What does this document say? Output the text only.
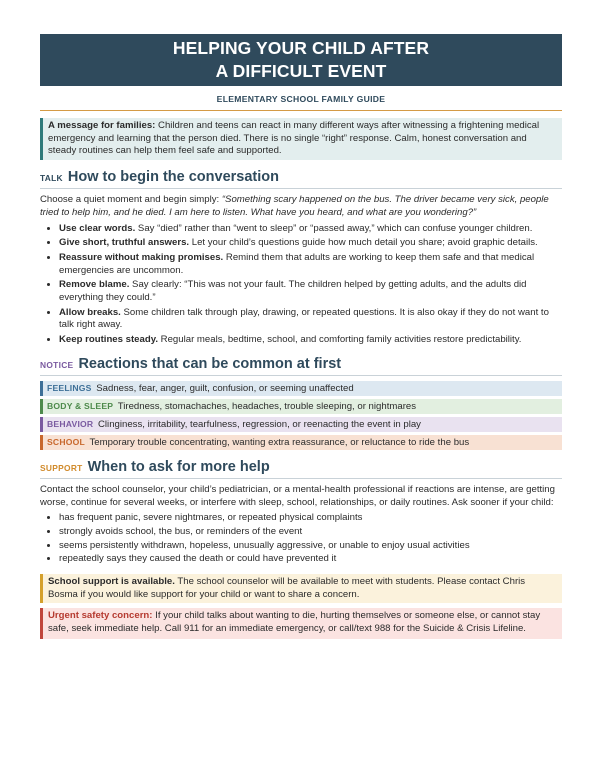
HELPING YOUR CHILD AFTER
A DIFFICULT EVENT
ELEMENTARY SCHOOL FAMILY GUIDE
A message for families: Children and teens can react in many different ways after witnessing a frightening medical emergency and learning that the person died. There is no single “right” response. Calm, honest conversation and steady routines can help them feel safe and supported.
TALK How to begin the conversation
Choose a quiet moment and begin simply: “Something scary happened on the bus. The driver became very sick, people tried to help him, and he died. I am here to listen. What have you heard, and what are you wondering?”
• Use clear words. Say “died” rather than “went to sleep” or “passed away,” which can confuse younger children.
• Give short, truthful answers. Let your child’s questions guide how much detail you share; avoid graphic details.
• Reassure without making promises. Remind them that adults are working to keep them safe and that medical emergencies are uncommon.
• Remove blame. Say clearly: “This was not your fault. The children helped by getting adults, and the adults did everything they could.”
• Allow breaks. Some children talk through play, drawing, or repeated questions. It is also okay if they do not want to talk right away.
• Keep routines steady. Regular meals, bedtime, school, and comforting family activities restore predictability.
NOTICE Reactions that can be common at first
FEELINGS Sadness, fear, anger, guilt, confusion, or seeming unaffected
BODY & SLEEP Tiredness, stomachaches, headaches, trouble sleeping, or nightmares
BEHAVIOR Clinginess, irritability, tearfulness, regression, or reenacting the event in play
SCHOOL Temporary trouble concentrating, wanting extra reassurance, or reluctance to ride the bus
SUPPORT When to ask for more help
Contact the school counselor, your child’s pediatrician, or a mental-health professional if reactions are intense, are getting worse, continue for several weeks, or interfere with sleep, school, relationships, or daily routines. Ask sooner if your child:
• has frequent panic, severe nightmares, or repeated physical complaints
• strongly avoids school, the bus, or reminders of the event
• seems persistently withdrawn, hopeless, unusually aggressive, or unable to enjoy usual activities
• repeatedly says they caused the death or could have prevented it
School support is available. The school counselor will be available to meet with students. Please contact Chris Bosma if you would like support for your child or want to share a concern.
Urgent safety concern: If your child talks about wanting to die, hurting themselves or someone else, or cannot stay safe, seek immediate help. Call 911 for an immediate emergency, or call/text 988 for the Suicide & Crisis Lifeline.
